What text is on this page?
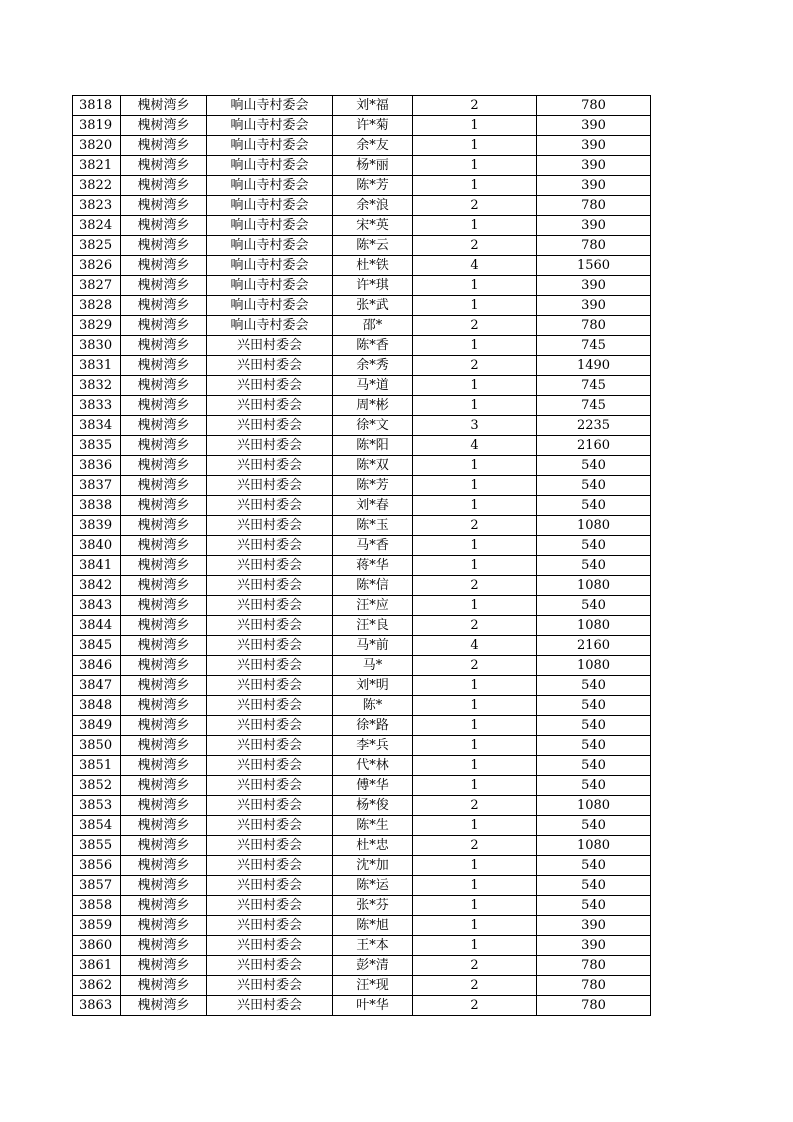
3818	槐树湾乡	响山寺村委会	刘*福	2	780
3819	槐树湾乡	响山寺村委会	许*菊	1	390
3820	槐树湾乡	响山寺村委会	余*友	1	390
3821	槐树湾乡	响山寺村委会	杨*丽	1	390
3822	槐树湾乡	响山寺村委会	陈*芳	1	390
3823	槐树湾乡	响山寺村委会	余*浪	2	780
3824	槐树湾乡	响山寺村委会	宋*英	1	390
3825	槐树湾乡	响山寺村委会	陈*云	2	780
3826	槐树湾乡	响山寺村委会	杜*铁	4	1560
3827	槐树湾乡	响山寺村委会	许*琪	1	390
3828	槐树湾乡	响山寺村委会	张*武	1	390
3829	槐树湾乡	响山寺村委会	邵*	2	780
3830	槐树湾乡	兴田村委会	陈*香	1	745
3831	槐树湾乡	兴田村委会	余*秀	2	1490
3832	槐树湾乡	兴田村委会	马*道	1	745
3833	槐树湾乡	兴田村委会	周*彬	1	745
3834	槐树湾乡	兴田村委会	徐*文	3	2235
3835	槐树湾乡	兴田村委会	陈*阳	4	2160
3836	槐树湾乡	兴田村委会	陈*双	1	540
3837	槐树湾乡	兴田村委会	陈*芳	1	540
3838	槐树湾乡	兴田村委会	刘*春	1	540
3839	槐树湾乡	兴田村委会	陈*玉	2	1080
3840	槐树湾乡	兴田村委会	马*香	1	540
3841	槐树湾乡	兴田村委会	蒋*华	1	540
3842	槐树湾乡	兴田村委会	陈*信	2	1080
3843	槐树湾乡	兴田村委会	汪*应	1	540
3844	槐树湾乡	兴田村委会	汪*良	2	1080
3845	槐树湾乡	兴田村委会	马*前	4	2160
3846	槐树湾乡	兴田村委会	马*	2	1080
3847	槐树湾乡	兴田村委会	刘*明	1	540
3848	槐树湾乡	兴田村委会	陈*	1	540
3849	槐树湾乡	兴田村委会	徐*路	1	540
3850	槐树湾乡	兴田村委会	李*兵	1	540
3851	槐树湾乡	兴田村委会	代*林	1	540
3852	槐树湾乡	兴田村委会	傅*华	1	540
3853	槐树湾乡	兴田村委会	杨*俊	2	1080
3854	槐树湾乡	兴田村委会	陈*生	1	540
3855	槐树湾乡	兴田村委会	杜*忠	2	1080
3856	槐树湾乡	兴田村委会	沈*加	1	540
3857	槐树湾乡	兴田村委会	陈*运	1	540
3858	槐树湾乡	兴田村委会	张*芬	1	540
3859	槐树湾乡	兴田村委会	陈*旭	1	390
3860	槐树湾乡	兴田村委会	王*本	1	390
3861	槐树湾乡	兴田村委会	彭*清	2	780
3862	槐树湾乡	兴田村委会	汪*现	2	780
3863	槐树湾乡	兴田村委会	叶*华	2	780
